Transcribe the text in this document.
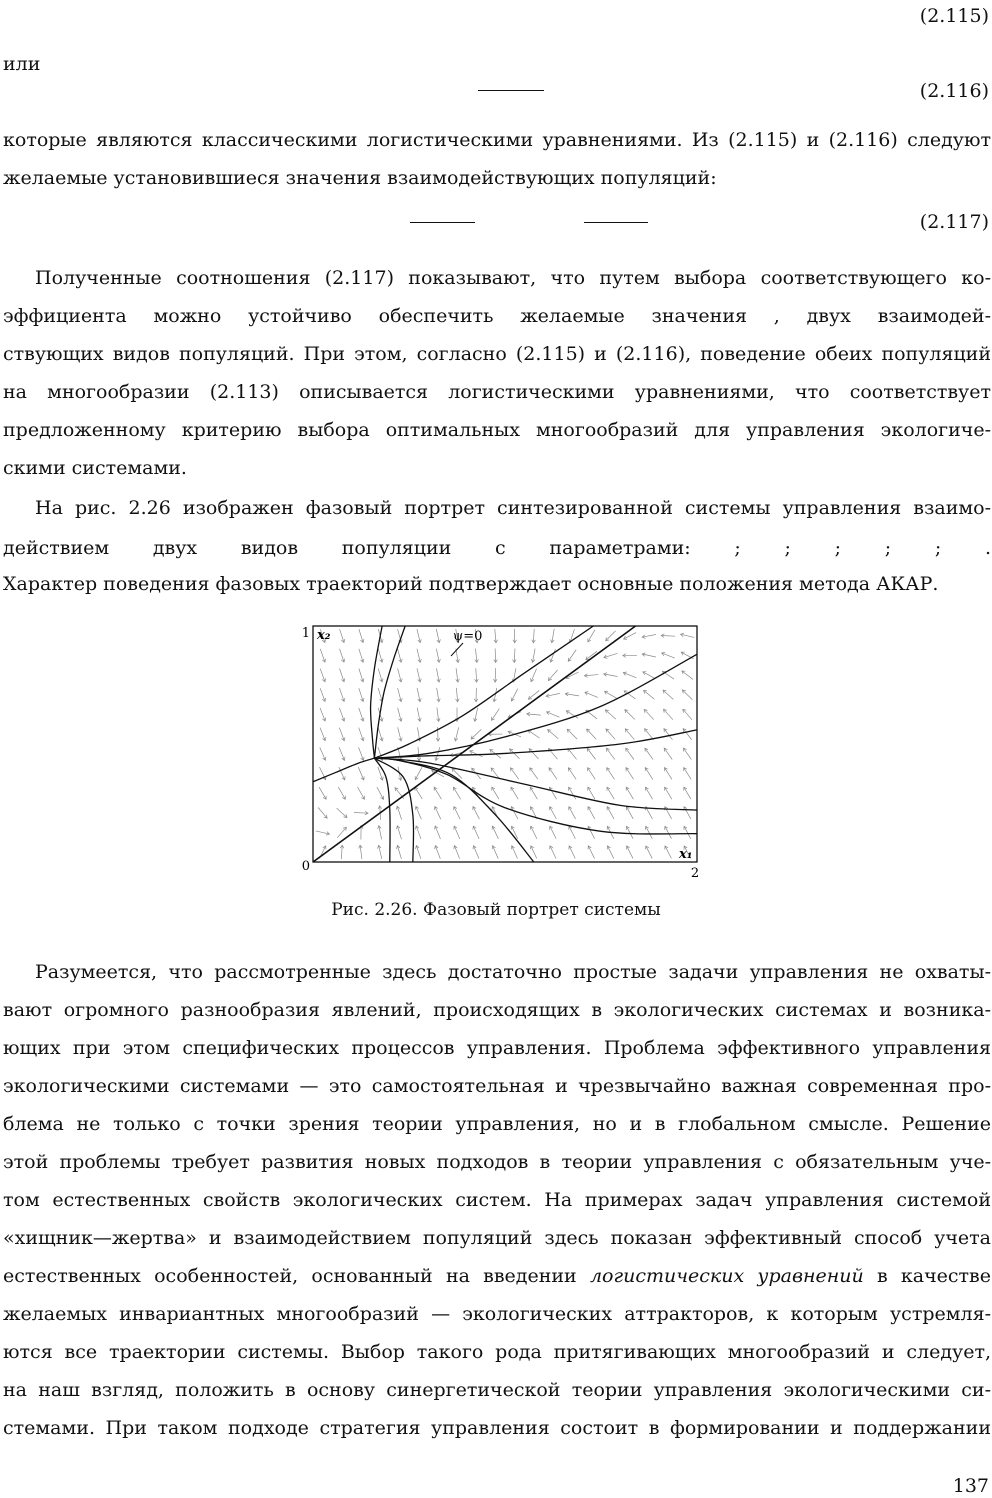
(2.115)
или
(2.116)
которые являются классическими логистическими уравнениями. Из (2.115) и (2.116) следуют
желаемые установившиеся значения взаимодействующих популяций:
(2.117)
Полученные соотношения (2.117) показывают, что путем выбора соответствующего ко-
эффициента можно устойчиво обеспечить желаемые значения , двух взаимодей-
ствующих видов популяций. При этом, согласно (2.115) и (2.116), поведение обеих популяций
на многообразии (2.113) описывается логистическими уравнениями, что соответствует
предложенному критерию выбора оптимальных многообразий для управления экологиче-
скими системами.
На рис. 2.26 изображен фазовый портрет синтезированной системы управления взаимо-
действием двух видов популяции с параметрами: ; ; ; ; ; .
Характер поведения фазовых траекторий подтверждает основные положения метода АКАР.
1 x₂	ψ=0
0	2
x₁
Рис. 2.26. Фазовый портрет системы
Разумеется, что рассмотренные здесь достаточно простые задачи управления не охваты-
вают огромного разнообразия явлений, происходящих в экологических системах и возника-
ющих при этом специфических процессов управления. Проблема эффективного управления
экологическими системами — это самостоятельная и чрезвычайно важная современная про-
блема не только с точки зрения теории управления, но и в глобальном смысле. Решение
этой проблемы требует развития новых подходов в теории управления с обязательным уче-
том естественных свойств экологических систем. На примерах задач управления системой
«хищник—жертва» и взаимодействием популяций здесь показан эффективный способ учета
естественных особенностей, основанный на введении логистических уравнений в качестве
желаемых инвариантных многообразий — экологических аттракторов, к которым устремля-
ются все траектории системы. Выбор такого рода притягивающих многообразий и следует,
на наш взгляд, положить в основу синергетической теории управления экологическими си-
стемами. При таком подходе стратегия управления состоит в формировании и поддержании
137
